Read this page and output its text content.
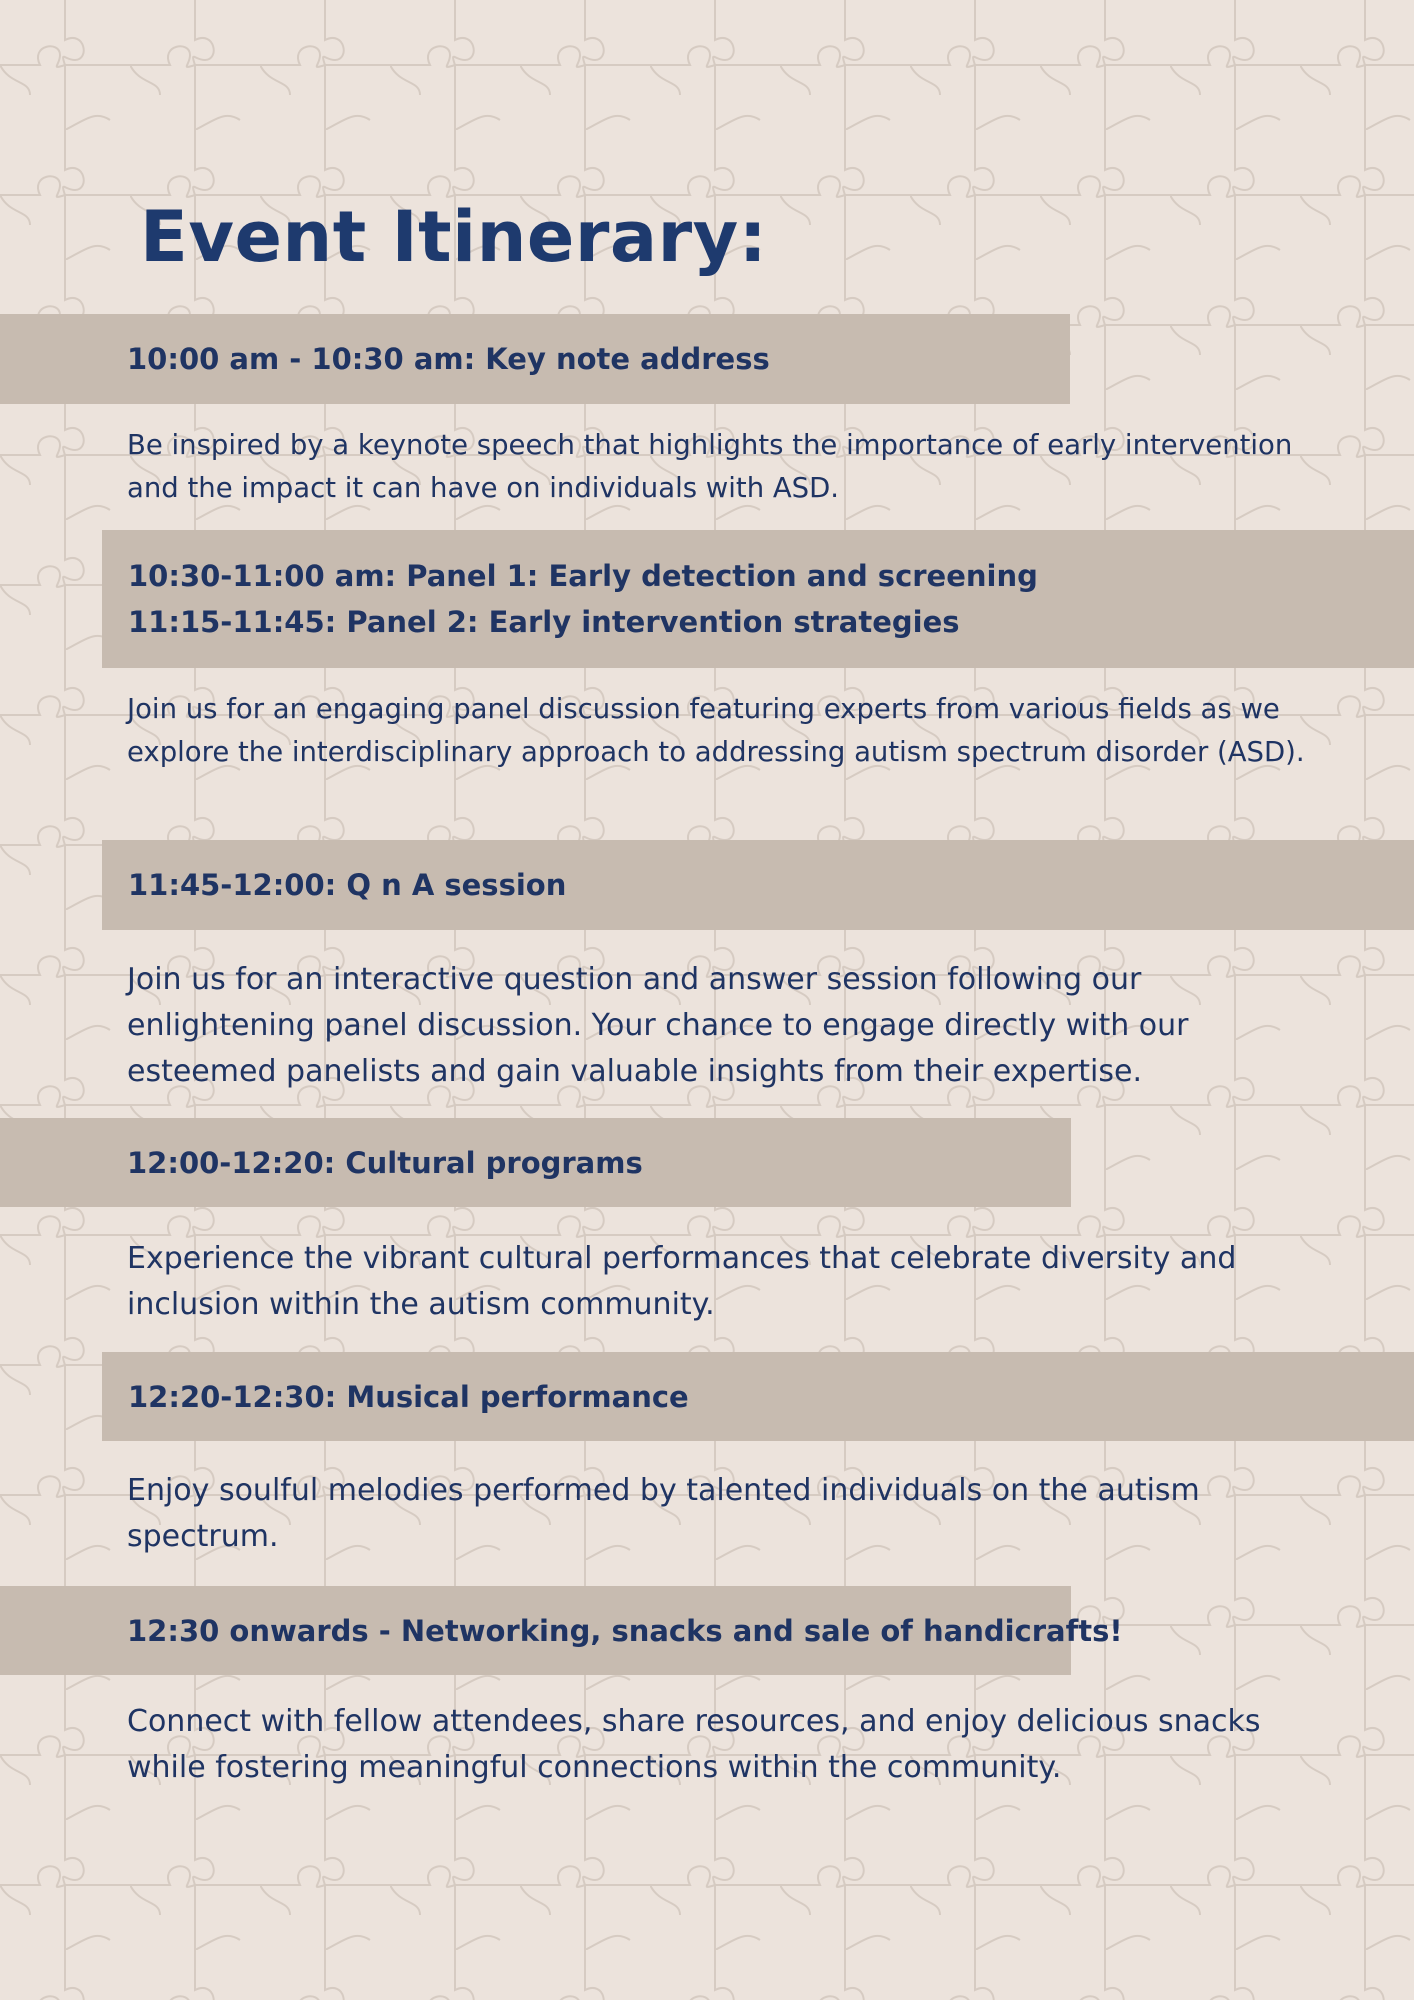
Event Itinerary:
10:00 am - 10:30 am: Key note address
Be inspired by a keynote speech that highlights the importance of early intervention and the impact it can have on individuals with ASD.
10:30-11:00 am: Panel 1: Early detection and screening
11:15-11:45: Panel 2: Early intervention strategies
Join us for an engaging panel discussion featuring experts from various fields as we explore the interdisciplinary approach to addressing autism spectrum disorder (ASD).
11:45-12:00: Q n A session
Join us for an interactive question and answer session following our enlightening panel discussion. Your chance to engage directly with our esteemed panelists and gain valuable insights from their expertise.
12:00-12:20: Cultural programs
Experience the vibrant cultural performances that celebrate diversity and inclusion within the autism community.
12:20-12:30: Musical performance
Enjoy soulful melodies performed by talented individuals on the autism spectrum.
12:30 onwards - Networking, snacks and sale of handicrafts!
Connect with fellow attendees, share resources, and enjoy delicious snacks while fostering meaningful connections within the community.
